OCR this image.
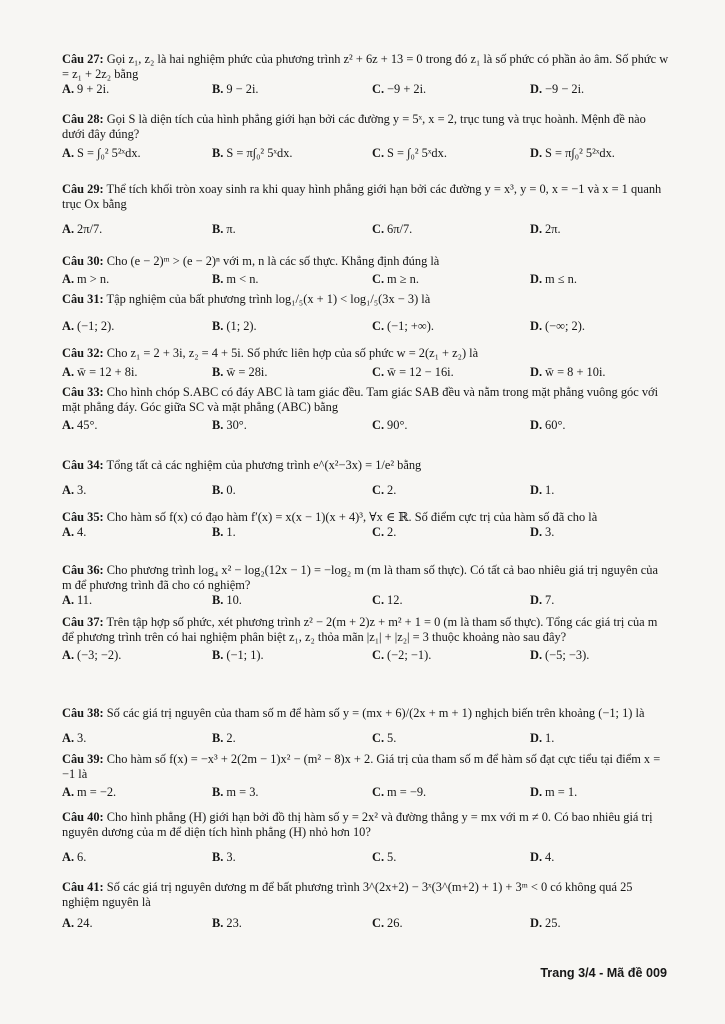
Câu 27: Gọi z₁, z₂ là hai nghiệm phức của phương trình z² + 6z + 13 = 0 trong đó z₁ là số phức có phần ảo âm. Số phức w = z₁ + 2z₂ bằng
A. 9 + 2i.	B. 9 − 2i.	C. −9 + 2i.	D. −9 − 2i.
Câu 28: Gọi S là diện tích của hình phẳng giới hạn bởi các đường y = 5ˣ, x = 2, trục tung và trục hoành. Mệnh đề nào dưới đây đúng?
A. S = ∫₀² 5²ˣdx.	B. S = π∫₀² 5ˣdx.	C. S = ∫₀² 5ˣdx.	D. S = π∫₀² 5²ˣdx.
Câu 29: Thể tích khối tròn xoay sinh ra khi quay hình phẳng giới hạn bởi các đường y = x³, y = 0, x = −1 và x = 1 quanh trục Ox bằng
A. 2π/7.	B. π.	C. 6π/7.	D. 2π.
Câu 30: Cho (e − 2)ᵐ > (e − 2)ⁿ với m, n là các số thực. Khẳng định đúng là
A. m > n.	B. m < n.	C. m ≥ n.	D. m ≤ n.
Câu 31: Tập nghiệm của bất phương trình log₁/₅(x + 1) < log₁/₅(3x − 3) là
A. (−1; 2).	B. (1; 2).	C. (−1; +∞).	D. (−∞; 2).
Câu 32: Cho z₁ = 2 + 3i, z₂ = 4 + 5i. Số phức liên hợp của số phức w = 2(z₁ + z₂) là
A. w̄ = 12 + 8i.	B. w̄ = 28i.	C. w̄ = 12 − 16i.	D. w̄ = 8 + 10i.
Câu 33: Cho hình chóp S.ABC có đáy ABC là tam giác đều. Tam giác SAB đều và nằm trong mặt phẳng vuông góc với mặt phẳng đáy. Góc giữa SC và mặt phẳng (ABC) bằng
A. 45°.	B. 30°.	C. 90°.	D. 60°.
Câu 34: Tổng tất cả các nghiệm của phương trình e^(x²−3x) = 1/e² bằng
A. 3.	B. 0.	C. 2.	D. 1.
Câu 35: Cho hàm số f(x) có đạo hàm f′(x) = x(x − 1)(x + 4)³, ∀x ∈ ℝ. Số điểm cực trị của hàm số đã cho là
A. 4.	B. 1.	C. 2.	D. 3.
Câu 36: Cho phương trình log₄ x² − log₂(12x − 1) = −log₂ m (m là tham số thực). Có tất cả bao nhiêu giá trị nguyên của m để phương trình đã cho có nghiệm?
A. 11.	B. 10.	C. 12.	D. 7.
Câu 37: Trên tập hợp số phức, xét phương trình z² − 2(m + 2)z + m² + 1 = 0 (m là tham số thực). Tổng các giá trị của m để phương trình trên có hai nghiệm phân biệt z₁, z₂ thỏa mãn |z₁| + |z₂| = 3 thuộc khoảng nào sau đây?
A. (−3; −2).	B. (−1; 1).	C. (−2; −1).	D. (−5; −3).
Câu 38: Số các giá trị nguyên của tham số m để hàm số y = (mx + 6)/(2x + m + 1) nghịch biến trên khoảng (−1; 1) là
A. 3.	B. 2.	C. 5.	D. 1.
Câu 39: Cho hàm số f(x) = −x³ + 2(2m − 1)x² − (m² − 8)x + 2. Giá trị của tham số m để hàm số đạt cực tiểu tại điểm x = −1 là
A. m = −2.	B. m = 3.	C. m = −9.	D. m = 1.
Câu 40: Cho hình phẳng (H) giới hạn bởi đồ thị hàm số y = 2x² và đường thẳng y = mx với m ≠ 0. Có bao nhiêu giá trị nguyên dương của m để diện tích hình phẳng (H) nhỏ hơn 10?
A. 6.	B. 3.	C. 5.	D. 4.
Câu 41: Số các giá trị nguyên dương m để bất phương trình 3^(2x+2) − 3ˣ(3^(m+2) + 1) + 3ᵐ < 0 có không quá 25 nghiệm nguyên là
A. 24.	B. 23.	C. 26.	D. 25.
Trang 3/4 - Mã đề 009
